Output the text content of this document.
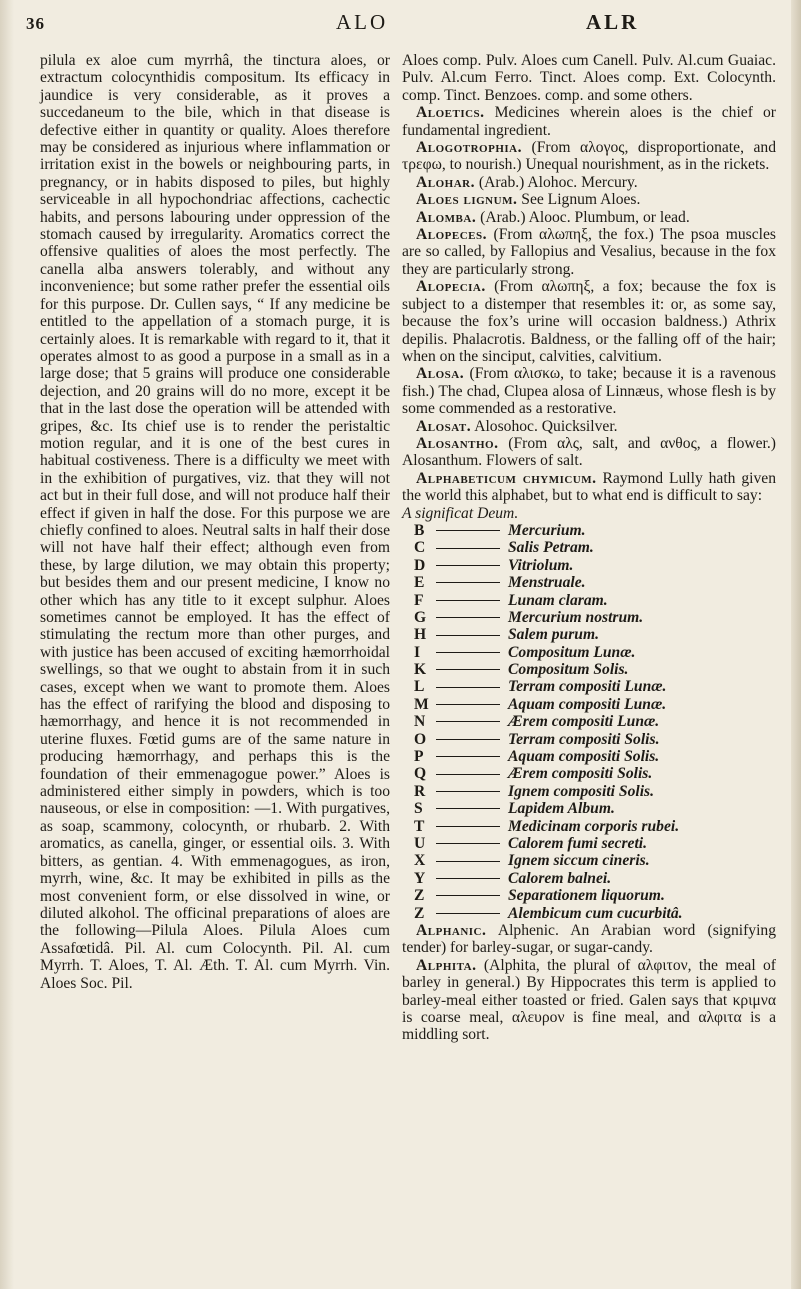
36	ALO	ALR

pilula ex aloe cum myrrhâ, the tinctura aloes, or extractum colocynthidis compositum. Its efficacy in jaundice is very considerable, as it proves a succedaneum to the bile, which in that disease is defective either in quantity or quality. Aloes therefore may be considered as injurious where inflammation or irritation exist in the bowels or neighbouring parts, in pregnancy, or in habits disposed to piles, but highly serviceable in all hypochondriac affections, cachectic habits, and persons labouring under oppression of the stomach caused by irregularity. Aromatics correct the offensive qualities of aloes the most perfectly. The canella alba answers tolerably, and without any inconvenience; but some rather prefer the essential oils for this purpose. Dr. Cullen says, “ If any medicine be entitled to the appellation of a stomach purge, it is certainly aloes. It is remarkable with regard to it, that it operates almost to as good a purpose in a small as in a large dose; that 5 grains will produce one considerable dejection, and 20 grains will do no more, except it be that in the last dose the operation will be attended with gripes, &c. Its chief use is to render the peristaltic motion regular, and it is one of the best cures in habitual costiveness. There is a difficulty we meet with in the exhibition of purgatives, viz. that they will not act but in their full dose, and will not produce half their effect if given in half the dose. For this purpose we are chiefly confined to aloes. Neutral salts in half their dose will not have half their effect; although even from these, by large dilution, we may obtain this property; but besides them and our present medicine, I know no other which has any title to it except sulphur. Aloes sometimes cannot be employed. It has the effect of stimulating the rectum more than other purges, and with justice has been accused of exciting hæmorrhoidal swellings, so that we ought to abstain from it in such cases, except when we want to promote them. Aloes has the effect of rarifying the blood and disposing to hæmorrhagy, and hence it is not recommended in uterine fluxes. Fœtid gums are of the same nature in producing hæmorrhagy, and perhaps this is the foundation of their emmenagogue power.” Aloes is administered either simply in powders, which is too nauseous, or else in composition: —1. With purgatives, as soap, scammony, colocynth, or rhubarb. 2. With aromatics, as canella, ginger, or essential oils. 3. With bitters, as gentian. 4. With emmenagogues, as iron, myrrh, wine, &c. It may be exhibited in pills as the most convenient form, or else dissolved in wine, or diluted alkohol. The officinal preparations of aloes are the following—Pilula Aloes. Pilula Aloes cum Assafœtidâ. Pil. Al. cum Colocynth. Pil. Al. cum Myrrh. T. Aloes, T. Al. Æth. T. Al. cum Myrrh. Vin. Aloes Soc. Pil.

Aloes comp. Pulv. Aloes cum Canell. Pulv. Al.cum Guaiac. Pulv. Al.cum Ferro. Tinct. Aloes comp. Ext. Colocynth. comp. Tinct. Benzoes. comp. and some others.

Aloetics. Medicines wherein aloes is the chief or fundamental ingredient.

Alogotrophia. (From αλογος, disproportionate, and τρεφω, to nourish.) Unequal nourishment, as in the rickets.

Alohar. (Arab.) Alohoc. Mercury.

Aloes lignum. See Lignum Aloes.

Alomba. (Arab.) Alooc. Plumbum, or lead.

Alopeces. (From αλωπηξ, the fox.) The psoa muscles are so called, by Fallopius and Vesalius, because in the fox they are particularly strong.

Alopecia. (From αλωπηξ, a fox; because the fox is subject to a distemper that resembles it: or, as some say, because the fox’s urine will occasion baldness.) Athrix depilis. Phalacrotis. Baldness, or the falling off of the hair; when on the sinciput, calvities, calvitium.

Alosa. (From αλισκω, to take; because it is a ravenous fish.) The chad, Clupea alosa of Linnæus, whose flesh is by some commended as a restorative.

Alosat. Alosohoc. Quicksilver.

Alosantho. (From αλς, salt, and ανθος, a flower.) Alosanthum. Flowers of salt.

Alphabeticum chymicum. Raymond Lully hath given the world this alphabet, but to what end is difficult to say:

A significat Deum.

B	Mercurium.
C	Salis Petram.
D	Vitriolum.
E	Menstruale.
F	Lunam claram.
G	Mercurium nostrum.
H	Salem purum.
I	Compositum Lunæ.
K	Compositum Solis.
L	Terram compositi Lunæ.
M	Aquam compositi Lunæ.
N	Ærem compositi Lunæ.
O	Terram compositi Solis.
P	Aquam compositi Solis.
Q	Ærem compositi Solis.
R	Ignem compositi Solis.
S	Lapidem Album.
T	Medicinam corporis rubei.
U	Calorem fumi secreti.
X	Ignem siccum cineris.
Y	Calorem balnei.
Z	Separationem liquorum.
Z	Alembicum cum cucurbitâ.

Alphanic. Alphenic. An Arabian word (signifying tender) for barley-sugar, or sugar-candy.

Alphita. (Alphita, the plural of αλφιτον, the meal of barley in general.) By Hippocrates this term is applied to barley-meal either toasted or fried. Galen says that κριμνα is coarse meal, αλευρον is fine meal, and αλφιτα is a middling sort.
